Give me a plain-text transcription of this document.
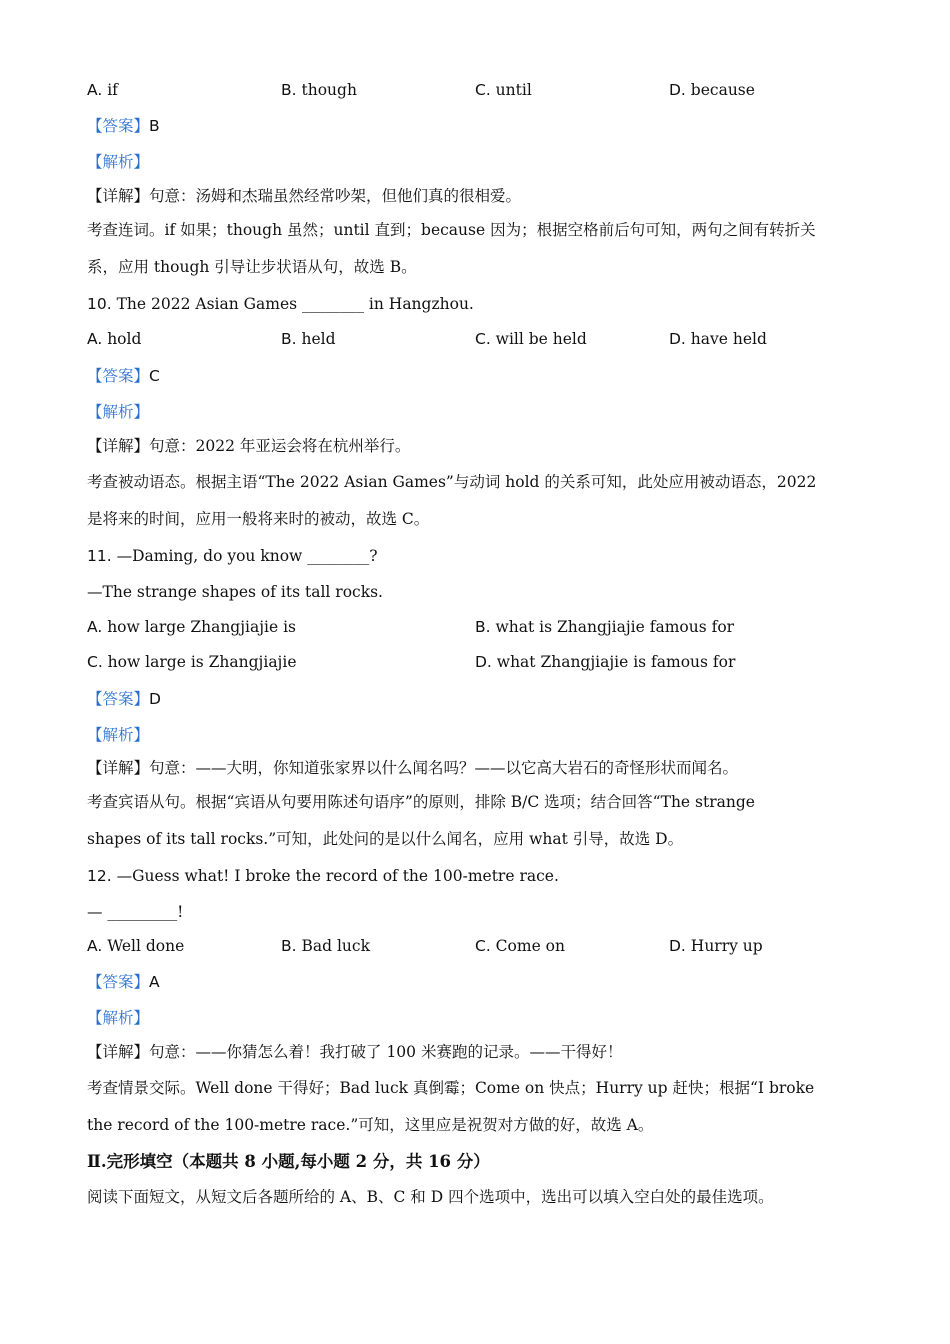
A. if	B. though	C. until	D. because
【答案】B
【解析】
【详解】句意：汤姆和杰瑞虽然经常吵架，但他们真的很相爱。
考查连词。if 如果；though 虽然；until 直到；because 因为；根据空格前后句可知，两句之间有转折关
系，应用 though 引导让步状语从句，故选 B。
10. The 2022 Asian Games ________ in Hangzhou.
A. hold	B. held	C. will be held	D. have held
【答案】C
【解析】
【详解】句意：2022 年亚运会将在杭州举行。
考查被动语态。根据主语“The 2022 Asian Games”与动词 hold 的关系可知，此处应用被动语态，2022
是将来的时间，应用一般将来时的被动，故选 C。
11. —Daming, do you know ________?
—The strange shapes of its tall rocks.
A. how large Zhangjiajie is	B. what is Zhangjiajie famous for
C. how large is Zhangjiajie	D. what Zhangjiajie is famous for
【答案】D
【解析】
【详解】句意：——大明，你知道张家界以什么闻名吗？——以它高大岩石的奇怪形状而闻名。
考查宾语从句。根据“宾语从句要用陈述句语序”的原则，排除 B/C 选项；结合回答“The strange
shapes of its tall rocks.”可知，此处问的是以什么闻名，应用 what 引导，故选 D。
12. —Guess what! I broke the record of the 100-metre race.
— _________!
A. Well done	B. Bad luck	C. Come on	D. Hurry up
【答案】A
【解析】
【详解】句意：——你猜怎么着！我打破了 100 米赛跑的记录。——干得好！
考查情景交际。Well done 干得好；Bad luck 真倒霉；Come on 快点；Hurry up 赶快；根据“I broke
the record of the 100-metre race.”可知，这里应是祝贺对方做的好，故选 A。
Ⅱ.完形填空（本题共 8 小题,每小题 2 分，共 16 分）
阅读下面短文，从短文后各题所给的 A、B、C 和 D 四个选项中，选出可以填入空白处的最佳选项。
